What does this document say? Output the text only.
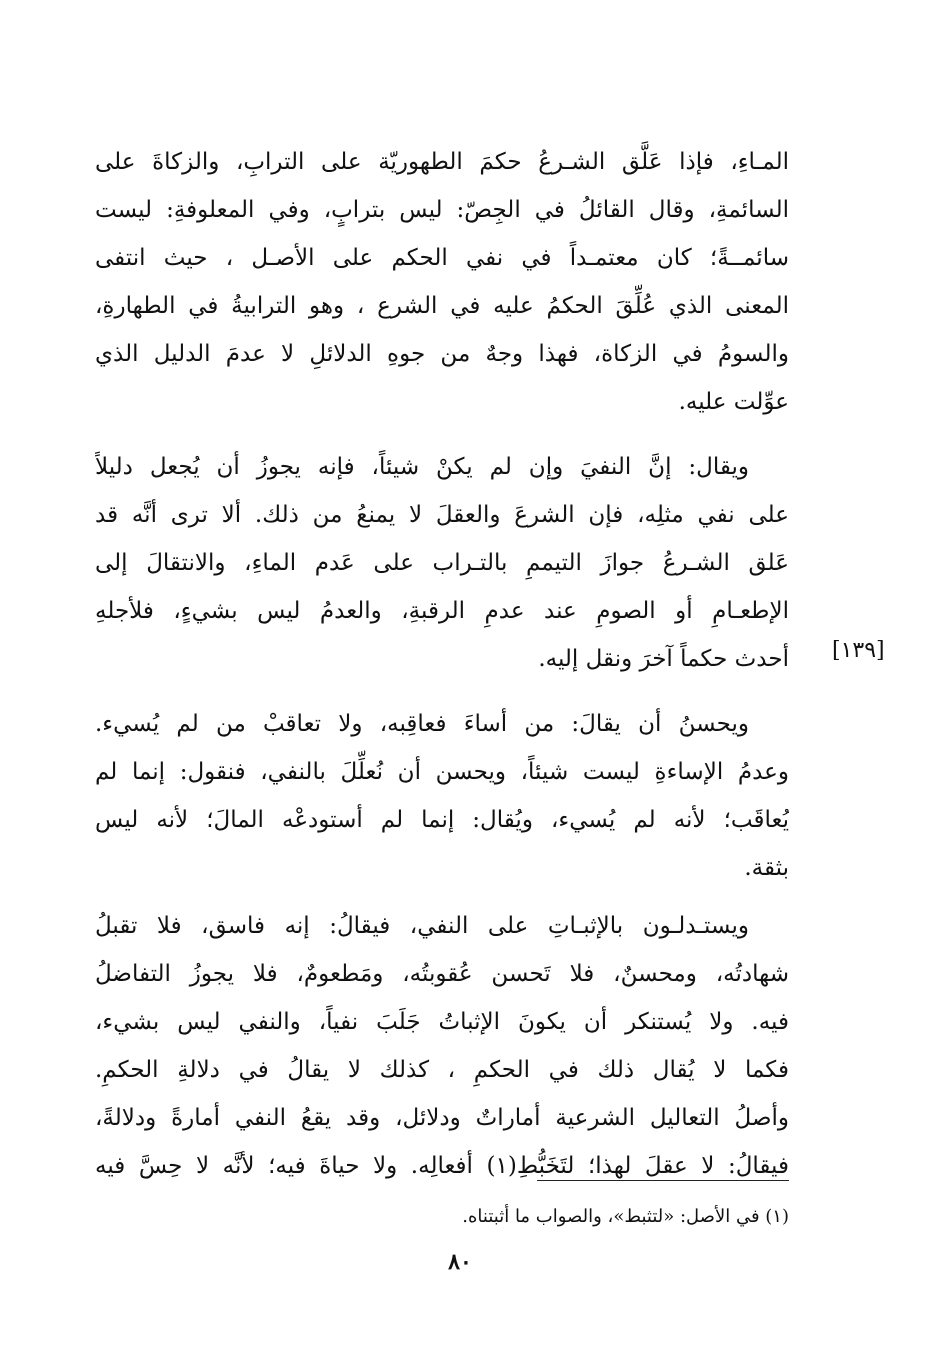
المـاءِ، فإذا عَلَّق الشـرعُ حكمَ الطهوريّة على الترابِ، والزكاةَ على
السائمةِ، وقال القائلُ في الجِصّ: ليس بترابٍ، وفي المعلوفةِ: ليست
سائمــةً؛ كان معتمـداً في نفي الحكم على الأصـل ، حيث انتفى
المعنى الذي عُلِّقَ الحكمُ عليه في الشرع ، وهو الترابيةُ في الطهارةِ،
والسومُ في الزكاة، فهذا وجهٌ من جوهِ الدلائلِ لا عدمَ الدليل الذي
عوِّلت عليه.
ويقال: إنَّ النفيَ وإن لم يكنْ شيئاً، فإنه يجوزُ أن يُجعل دليلاً
على نفي مثلِه، فإن الشرعَ والعقلَ لا يمنعُ من ذلك. ألا ترى أنَّه قد
عَلق الشـرعُ جوازَ التيممِ بالتـراب على عَدم الماءِ، والانتقالَ إلى
الإطعـامِ أو الصومِ عند عدمِ الرقبةِ، والعدمُ ليس بشيءٍ، فلأجلهِ
أحدث حكماً آخرَ ونقل إليه.
ويحسنُ أن يقالَ: من أساءَ فعاقِبه، ولا تعاقبْ من لم يُسيء.
وعدمُ الإساءةِ ليست شيئاً، ويحسن أن نُعلِّلَ بالنفي، فنقول: إنما لم
يُعاقَب؛ لأنه لم يُسيء، ويُقال: إنما لم أستودعْه المالَ؛ لأنه ليس
بثقة.
ويستـدلـون بالإثبـاتِ على النفي، فيقالُ: إنه فاسق، فلا تقبلُ
شهادتُه، ومحسنٌ، فلا تَحسن عُقوبتُه، ومَطعومٌ، فلا يجوزُ التفاضلُ
فيه. ولا يُستنكر أن يكونَ الإثباتُ جَلَبَ نفياً، والنفي ليس بشيء،
فكما لا يُقال ذلك في الحكمِ ، كذلك لا يقالُ في دلالةِ الحكمِ.
وأصلُ التعاليل الشرعية أماراتٌ ودلائل، وقد يقعُ النفي أمارةً ودلالةً،
فيقالُ: لا عقلَ لهذا؛ لتَخَبُّطِ(١) أفعالِه. ولا حياةَ فيه؛ لأنَّه لا حِسَّ فيه
[١٣٩]
(١) في الأصل: «لتثبط»، والصواب ما أثبتناه.
٨٠
